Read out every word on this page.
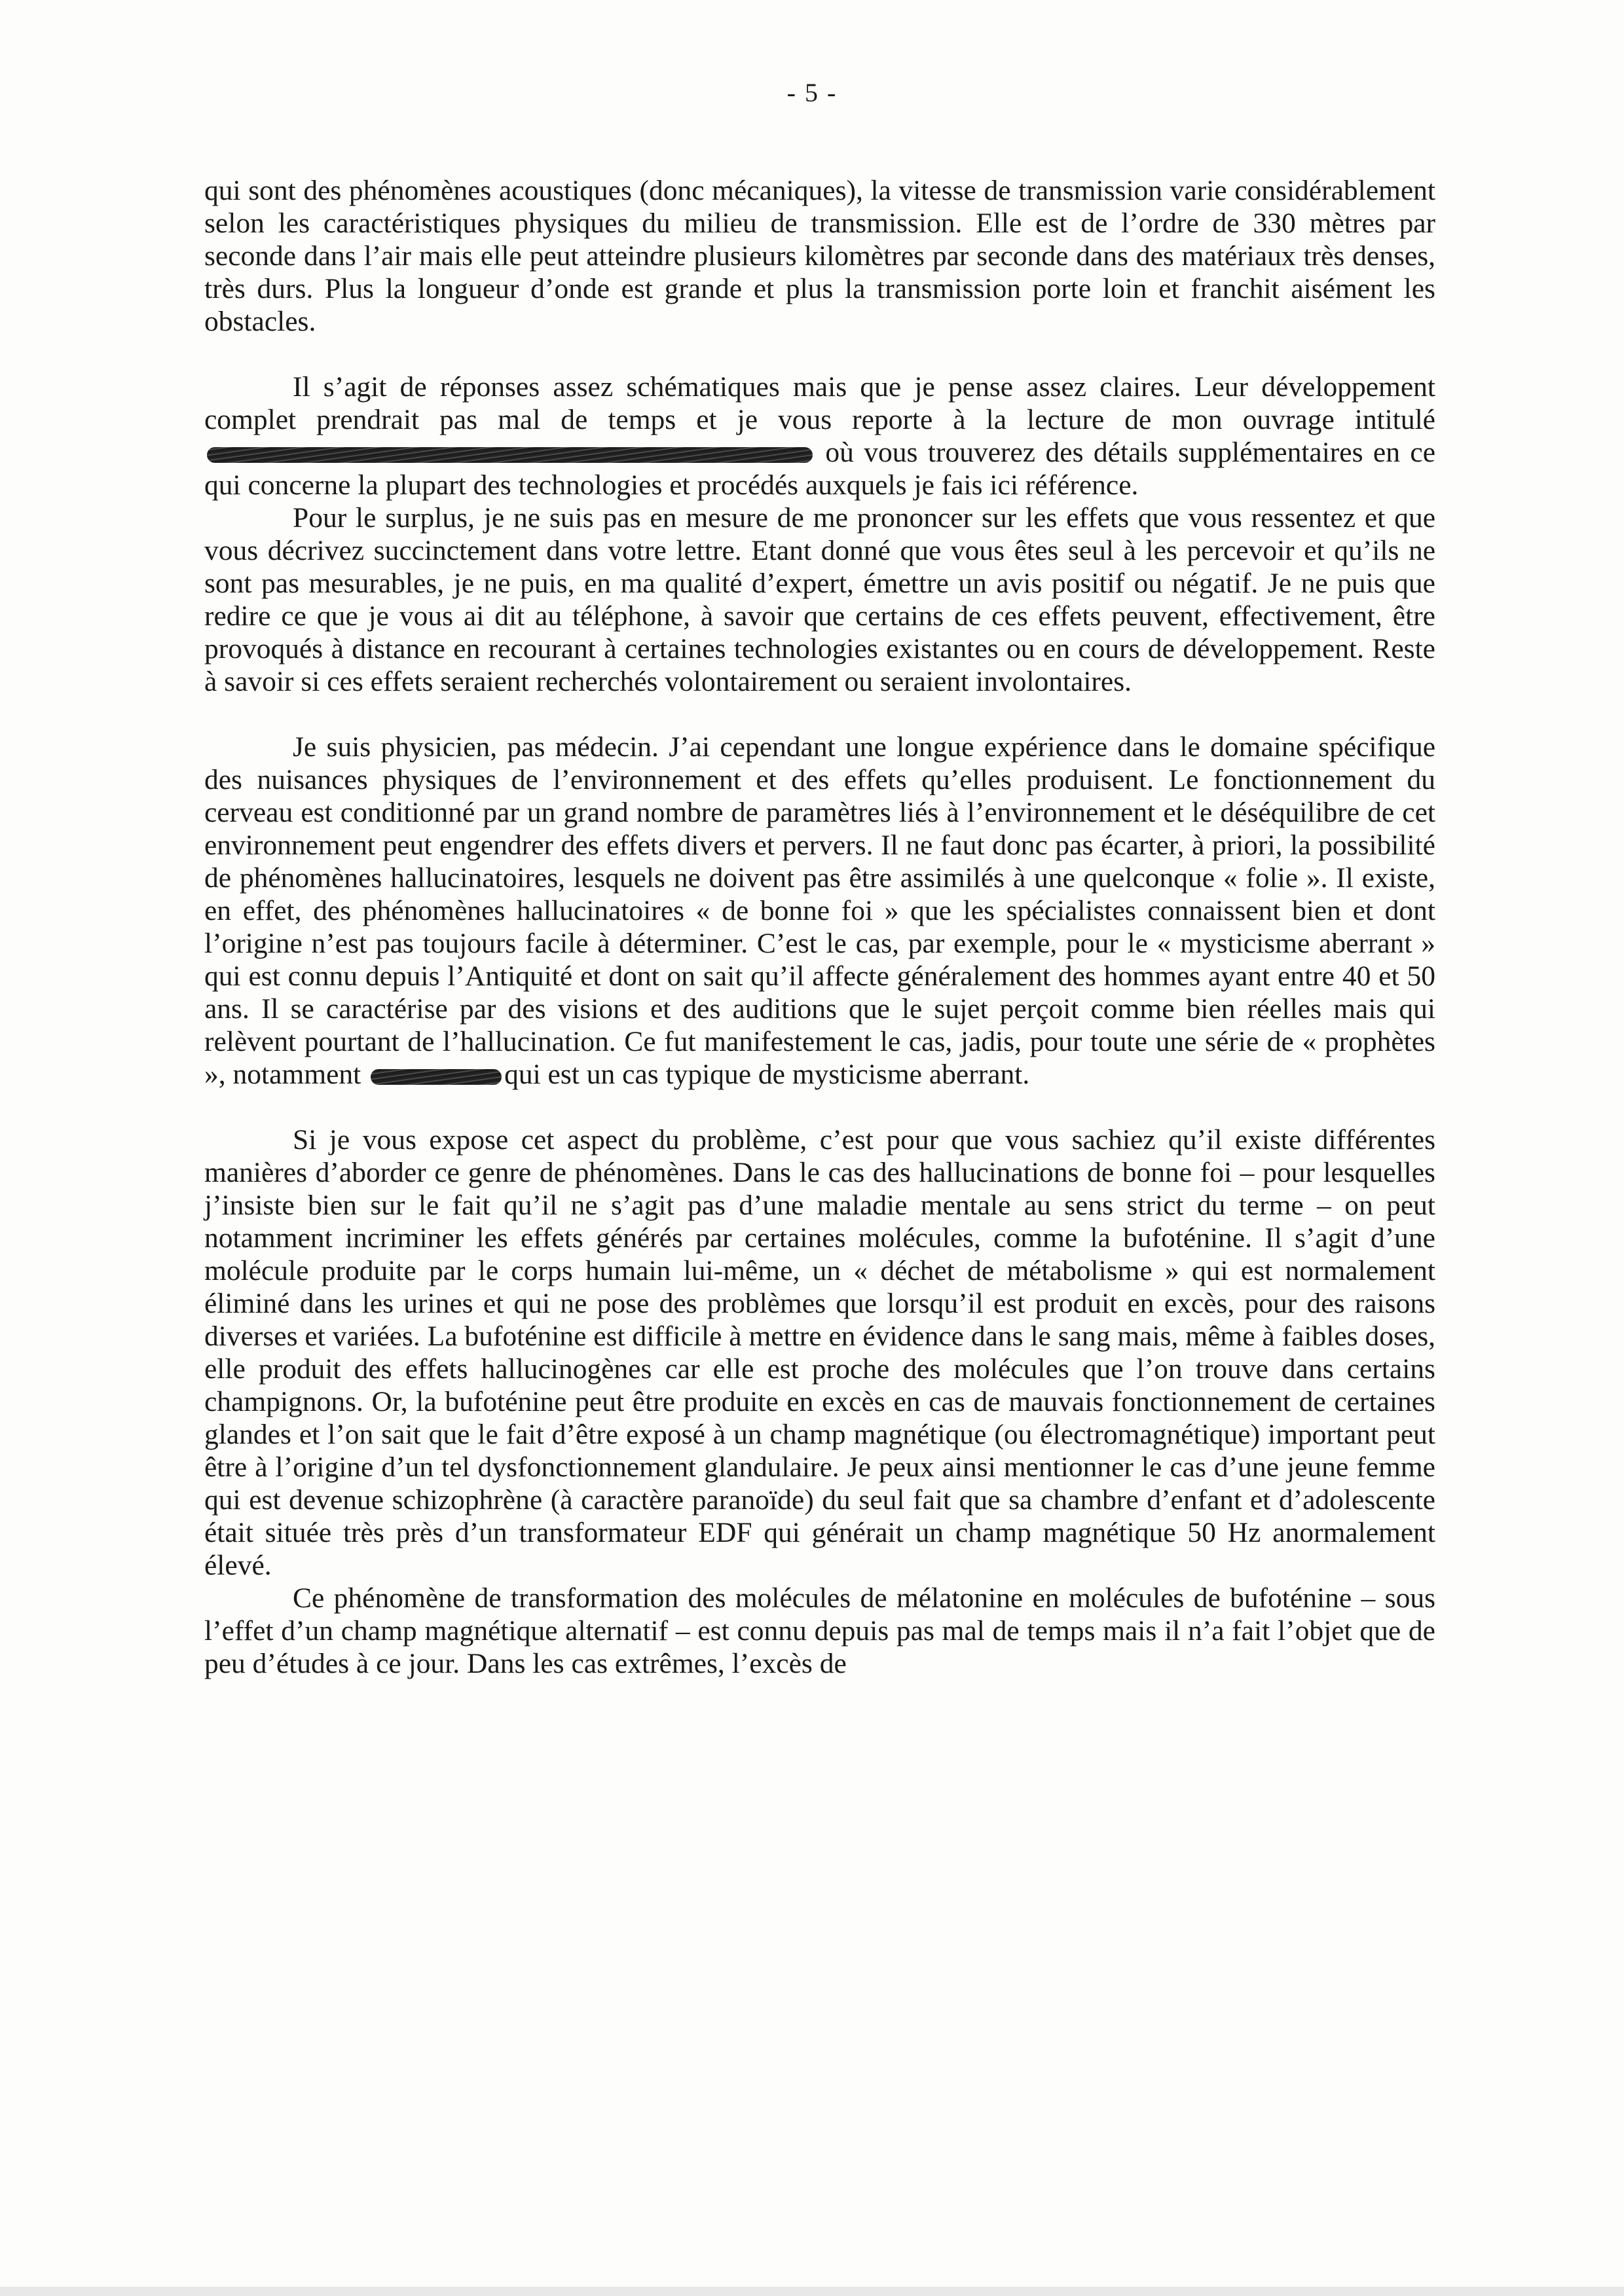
- 5 -

qui sont des phénomènes acoustiques (donc mécaniques), la vitesse de transmission varie considérablement selon les caractéristiques physiques du milieu de transmission. Elle est de l’ordre de 330 mètres par seconde dans l’air mais elle peut atteindre plusieurs kilomètres par seconde dans des matériaux très denses, très durs. Plus la longueur d’onde est grande et plus la transmission porte loin et franchit aisément les obstacles.

Il s’agit de réponses assez schématiques mais que je pense assez claires. Leur développement complet prendrait pas mal de temps et je vous reporte à la lecture de mon ouvrage intitulé  où vous trouverez des détails supplémentaires en ce qui concerne la plupart des technologies et procédés auxquels je fais ici référence.

Pour le surplus, je ne suis pas en mesure de me prononcer sur les effets que vous ressentez et que vous décrivez succinctement dans votre lettre. Etant donné que vous êtes seul à les percevoir et qu’ils ne sont pas mesurables, je ne puis, en ma qualité d’expert, émettre un avis positif ou négatif. Je ne puis que redire ce que je vous ai dit au téléphone, à savoir que certains de ces effets peuvent, effectivement, être provoqués à distance en recourant à certaines technologies existantes ou en cours de développement. Reste à savoir si ces effets seraient recherchés volontairement ou seraient involontaires.

Je suis physicien, pas médecin. J’ai cependant une longue expérience dans le domaine spécifique des nuisances physiques de l’environnement et des effets qu’elles produisent. Le fonctionnement du cerveau est conditionné par un grand nombre de paramètres liés à l’environnement et le déséquilibre de cet environnement peut engendrer des effets divers et pervers. Il ne faut donc pas écarter, à priori, la possibilité de phénomènes hallucinatoires, lesquels ne doivent pas être assimilés à une quelconque « folie ». Il existe, en effet, des phénomènes hallucinatoires « de bonne foi » que les spécialistes connaissent bien et dont l’origine n’est pas toujours facile à déterminer. C’est le cas, par exemple, pour le « mysticisme aberrant » qui est connu depuis l’Antiquité et dont on sait qu’il affecte généralement des hommes ayant entre 40 et 50 ans. Il se caractérise par des visions et des auditions que le sujet perçoit comme bien réelles mais qui relèvent pourtant de l’hallucination. Ce fut manifestement le cas, jadis, pour toute une série de « prophètes », notamment	qui est un cas typique de mysticisme aberrant.

Si je vous expose cet aspect du problème, c’est pour que vous sachiez qu’il existe différentes manières d’aborder ce genre de phénomènes. Dans le cas des hallucinations de bonne foi – pour lesquelles j’insiste bien sur le fait qu’il ne s’agit pas d’une maladie mentale au sens strict du terme – on peut notamment incriminer les effets générés par certaines molécules, comme la bufoténine. Il s’agit d’une molécule produite par le corps humain lui-même, un « déchet de métabolisme » qui est normalement éliminé dans les urines et qui ne pose des problèmes que lorsqu’il est produit en excès, pour des raisons diverses et variées. La bufoténine est difficile à mettre en évidence dans le sang mais, même à faibles doses, elle produit des effets hallucinogènes car elle est proche des molécules que l’on trouve dans certains champignons. Or, la bufoténine peut être produite en excès en cas de mauvais fonctionnement de certaines glandes et l’on sait que le fait d’être exposé à un champ magnétique (ou électromagnétique) important peut être à l’origine d’un tel dysfonctionnement glandulaire. Je peux ainsi mentionner le cas d’une jeune femme qui est devenue schizophrène (à caractère paranoïde) du seul fait que sa chambre d’enfant et d’adolescente était située très près d’un transformateur EDF qui générait un champ magnétique 50 Hz anormalement élevé.

Ce phénomène de transformation des molécules de mélatonine en molécules de bufoténine – sous l’effet d’un champ magnétique alternatif – est connu depuis pas mal de temps mais il n’a fait l’objet que de peu d’études à ce jour. Dans les cas extrêmes, l’excès de
